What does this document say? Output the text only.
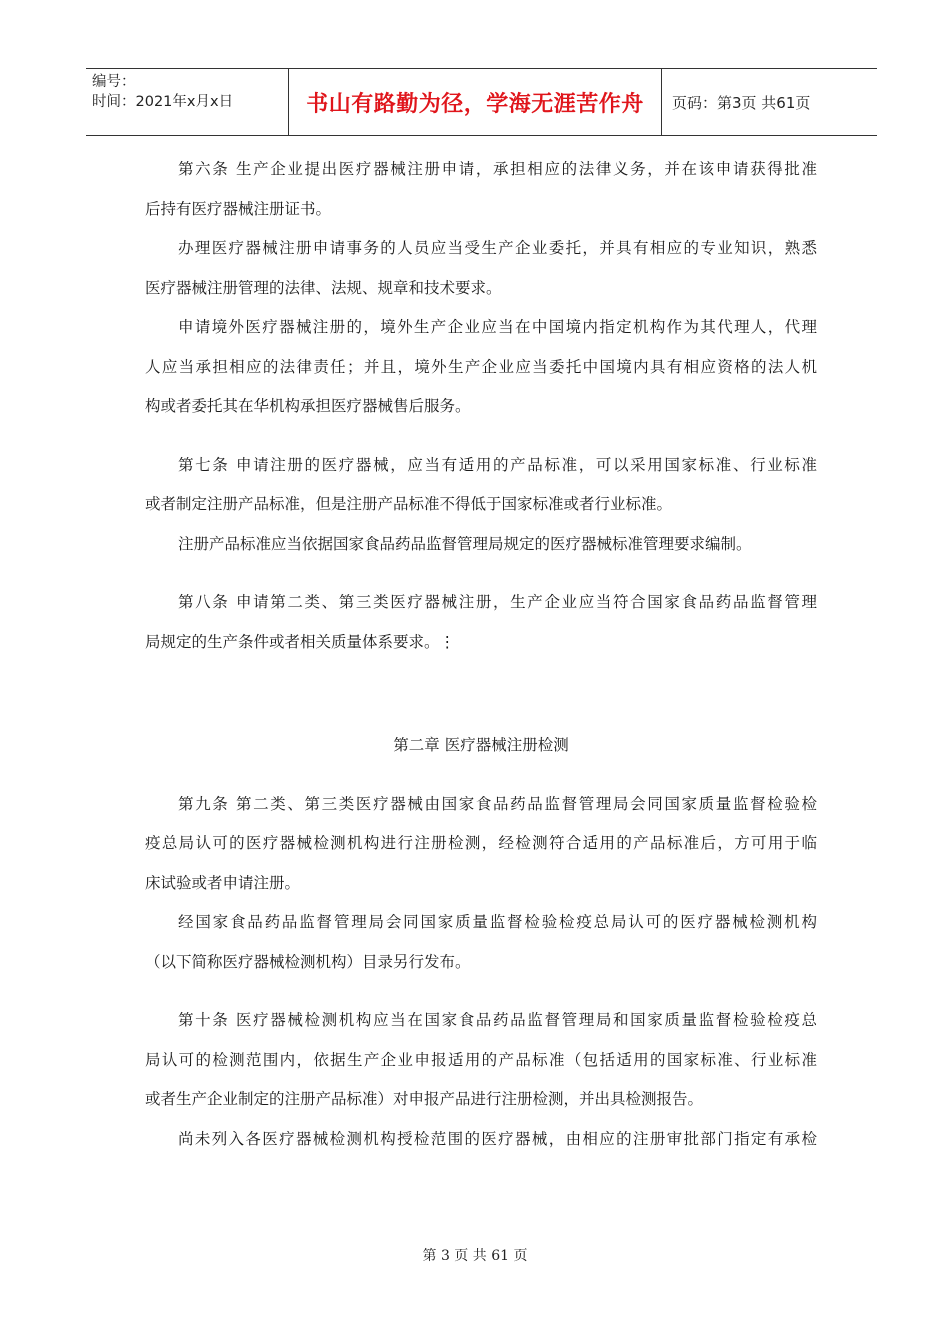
编号：
时间：2021年x月x日	书山有路勤为径，学海无涯苦作舟	页码：第3页 共61页
第六条 生产企业提出医疗器械注册申请，承担相应的法律义务，并在该申请获得批准
后持有医疗器械注册证书。
办理医疗器械注册申请事务的人员应当受生产企业委托，并具有相应的专业知识，熟悉
医疗器械注册管理的法律、法规、规章和技术要求。
申请境外医疗器械注册的，境外生产企业应当在中国境内指定机构作为其代理人，代理
人应当承担相应的法律责任；并且，境外生产企业应当委托中国境内具有相应资格的法人机
构或者委托其在华机构承担医疗器械售后服务。
第七条 申请注册的医疗器械，应当有适用的产品标准，可以采用国家标准、行业标准
或者制定注册产品标准，但是注册产品标准不得低于国家标准或者行业标准。
注册产品标准应当依据国家食品药品监督管理局规定的医疗器械标准管理要求编制。
第八条 申请第二类、第三类医疗器械注册，生产企业应当符合国家食品药品监督管理
局规定的生产条件或者相关质量体系要求。⋮
第二章 医疗器械注册检测
第九条 第二类、第三类医疗器械由国家食品药品监督管理局会同国家质量监督检验检
疫总局认可的医疗器械检测机构进行注册检测，经检测符合适用的产品标准后，方可用于临
床试验或者申请注册。
经国家食品药品监督管理局会同国家质量监督检验检疫总局认可的医疗器械检测机构
（以下简称医疗器械检测机构）目录另行发布。
第十条 医疗器械检测机构应当在国家食品药品监督管理局和国家质量监督检验检疫总
局认可的检测范围内，依据生产企业申报适用的产品标准（包括适用的国家标准、行业标准
或者生产企业制定的注册产品标准）对申报产品进行注册检测，并出具检测报告。
尚未列入各医疗器械检测机构授检范围的医疗器械，由相应的注册审批部门指定有承检
第 3 页 共 61 页
